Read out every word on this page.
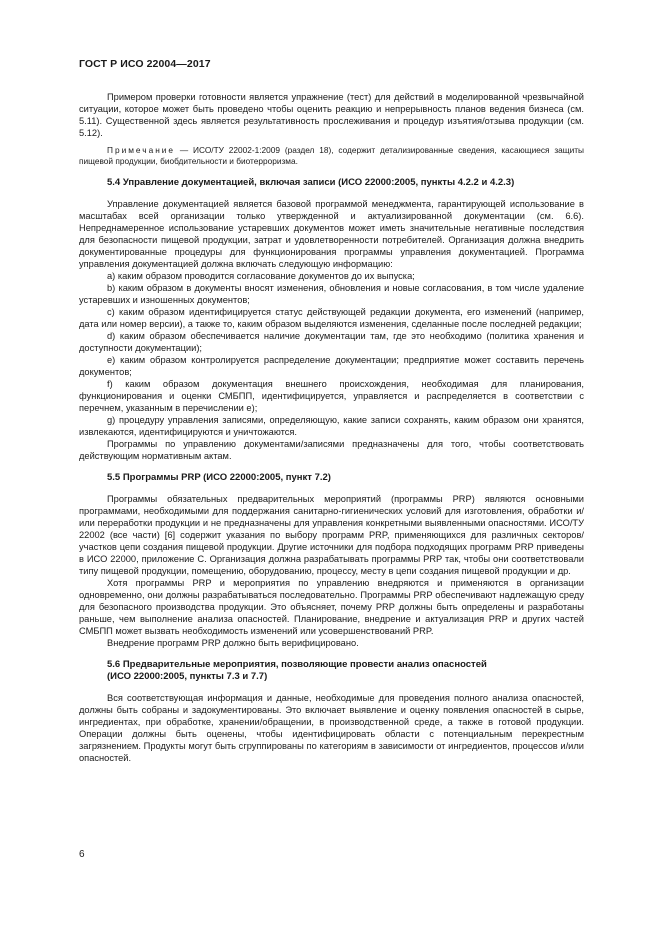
ГОСТ Р ИСО 22004—2017

Примером проверки готовности является упражнение (тест) для действий в моделированной чрезвычайной ситуации, которое может быть проведено чтобы оценить реакцию и непрерывность планов ведения бизнеса (см. 5.11). Существенной здесь является результативность прослеживания и процедур изъятия/отзыва продукции (см. 5.12).

Примечание — ИСО/ТУ 22002-1:2009 (раздел 18), содержит детализированные сведения, касающиеся защиты пищевой продукции, биобдительности и биотерроризма.

5.4 Управление документацией, включая записи (ИСО 22000:2005, пункты 4.2.2 и 4.2.3)

Управление документацией является базовой программой менеджмента, гарантирующей использование в масштабах всей организации только утвержденной и актуализированной документации (см. 6.6). Непреднамеренное использование устаревших документов может иметь значительные негативные последствия для безопасности пищевой продукции, затрат и удовлетворенности потребителей. Организация должна внедрить документированные процедуры для функционирования программы управления документацией. Программа управления документацией должна включать следующую информацию:

a) каким образом проводится согласование документов до их выпуска;

b) каким образом в документы вносят изменения, обновления и новые согласования, в том числе удаление устаревших и изношенных документов;

c) каким образом идентифицируется статус действующей редакции документа, его изменений (например, дата или номер версии), а также то, каким образом выделяются изменения, сделанные после последней редакции;

d) каким образом обеспечивается наличие документации там, где это необходимо (политика хранения и доступности документации);

e) каким образом контролируется распределение документации; предприятие может составить перечень документов;

f) каким образом документация внешнего происхождения, необходимая для планирования, функционирования и оценки СМБПП, идентифицируется, управляется и распределяется в соответствии с перечнем, указанным в перечислении e);

g) процедуру управления записями, определяющую, какие записи сохранять, каким образом они хранятся, извлекаются, идентифицируются и уничтожаются.

Программы по управлению документами/записями предназначены для того, чтобы соответствовать действующим нормативным актам.

5.5 Программы PRP (ИСО 22000:2005, пункт 7.2)

Программы обязательных предварительных мероприятий (программы PRP) являются основными программами, необходимыми для поддержания санитарно-гигиенических условий для изготовления, обработки и/или переработки продукции и не предназначены для управления конкретными выявленными опасностями. ИСО/ТУ 22002 (все части) [6] содержит указания по выбору программ PRP, применяющихся для различных секторов/участков цепи создания пищевой продукции. Другие источники для подбора подходящих программ PRP приведены в ИСО 22000, приложение С. Организация должна разрабатывать программы PRP так, чтобы они соответствовали типу пищевой продукции, помещению, оборудованию, процессу, месту в цепи создания пищевой продукции и др.

Хотя программы PRP и мероприятия по управлению внедряются и применяются в организации одновременно, они должны разрабатываться последовательно. Программы PRP обеспечивают надлежащую среду для безопасного производства продукции. Это объясняет, почему PRP должны быть определены и разработаны раньше, чем выполнение анализа опасностей. Планирование, внедрение и актуализация PRP и других частей СМБПП может вызвать необходимость изменений или усовершенствований PRP.

Внедрение программ PRP должно быть верифицировано.

5.6 Предварительные мероприятия, позволяющие провести анализ опасностей
(ИСО 22000:2005, пункты 7.3 и 7.7)

Вся соответствующая информация и данные, необходимые для проведения полного анализа опасностей, должны быть собраны и задокументированы. Это включает выявление и оценку появления опасностей в сырье, ингредиентах, при обработке, хранении/обращении, в производственной среде, а также в готовой продукции. Операции должны быть оценены, чтобы идентифицировать области с потенциальным перекрестным загрязнением. Продукты могут быть сгруппированы по категориям в зависимости от ингредиентов, процессов и/или опасностей.

6
